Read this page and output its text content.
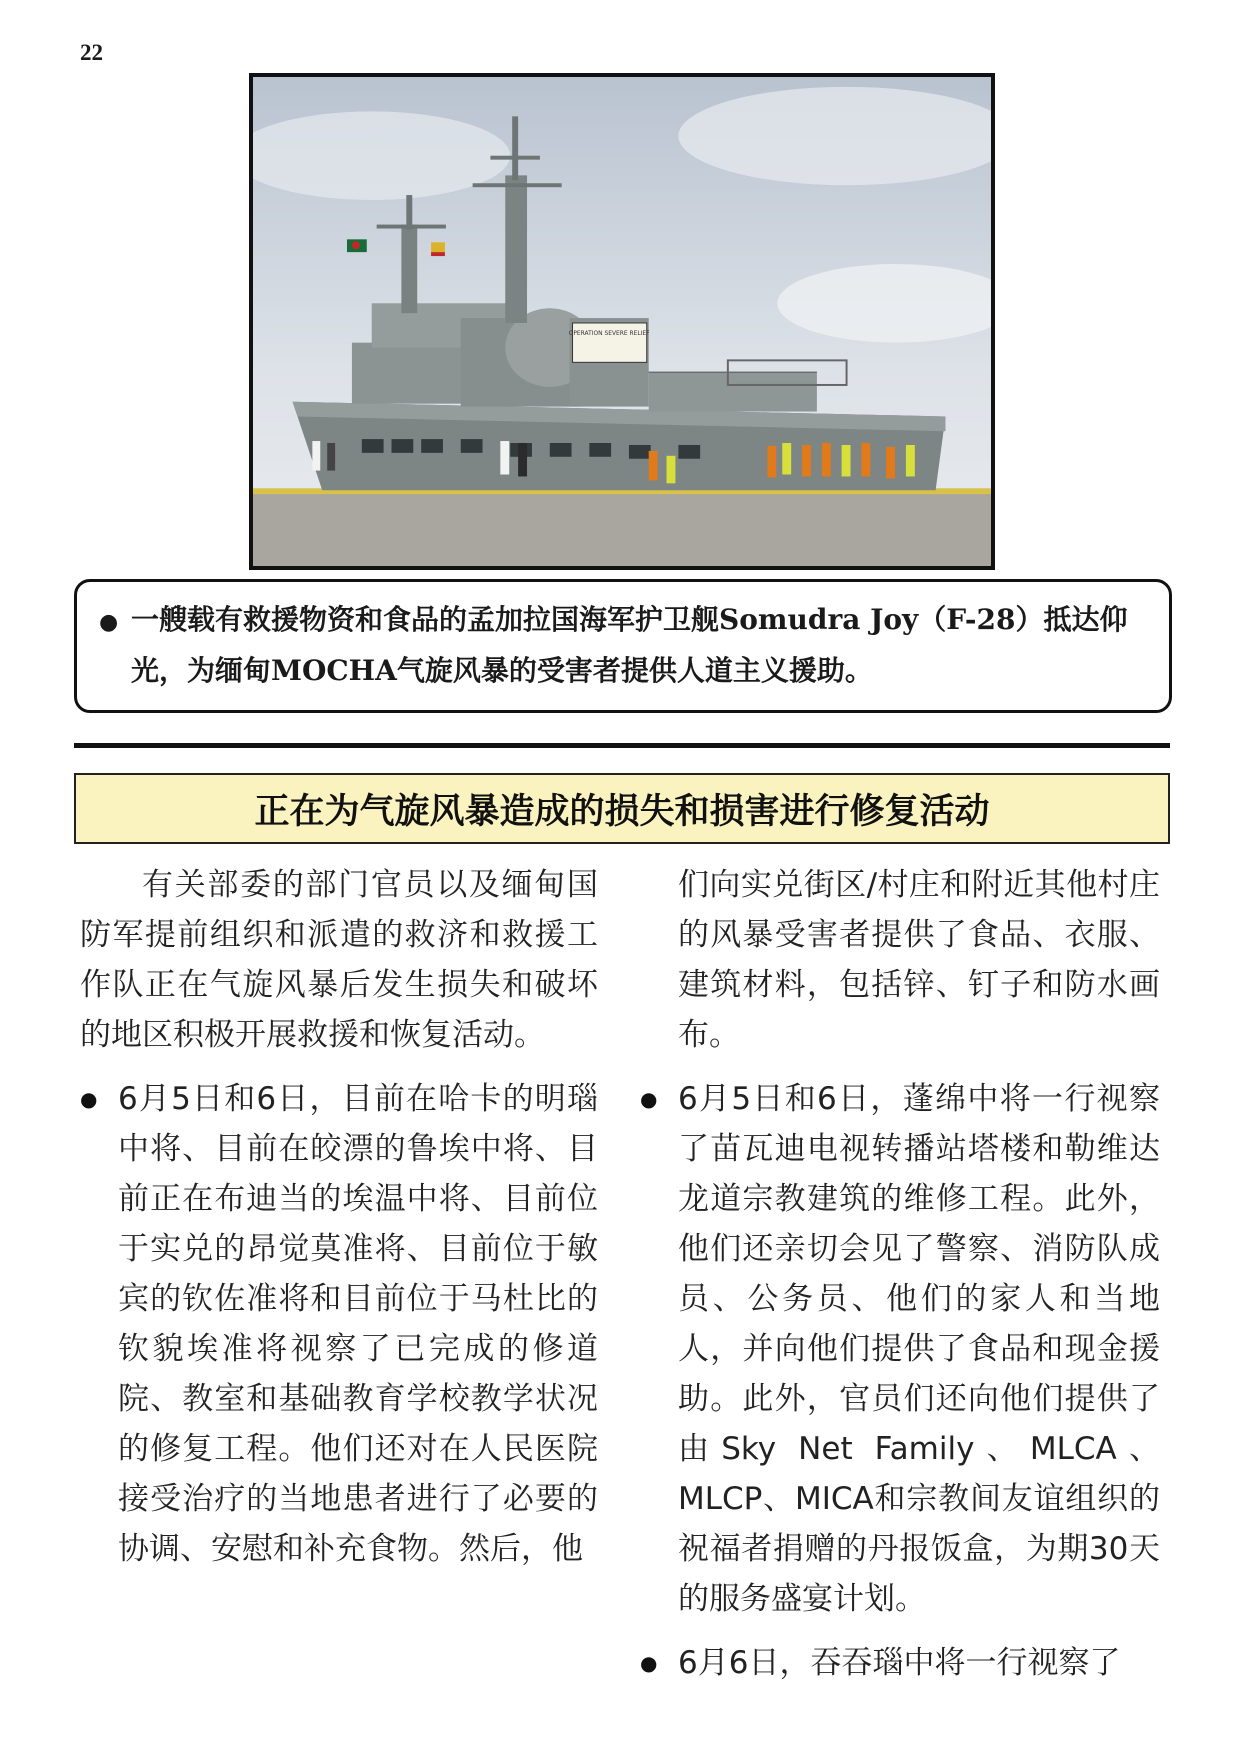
22
OPERATION SEVERE RELIEF
● 一艘载有救援物资和食品的孟加拉国海军护卫舰Somudra Joy（F-28）抵达仰光，为缅甸MOCHA气旋风暴的受害者提供人道主义援助。
正在为气旋风暴造成的损失和损害进行修复活动

有关部委的部门官员以及缅甸国防军提前组织和派遣的救济和救援工作队正在气旋风暴后发生损失和破坏的地区积极开展救援和恢复活动。

● 6月5日和6日，目前在哈卡的明瑙中将、目前在皎漂的鲁埃中将、目前正在布迪当的埃温中将、目前位于实兑的昂觉莫准将、目前位于敏宾的钦佐准将和目前位于马杜比的钦貌埃准将视察了已完成的修道院、教室和基础教育学校教学状况的修复工程。他们还对在人民医院接受治疗的当地患者进行了必要的协调、安慰和补充食物。然后，他

们向实兑街区/村庄和附近其他村庄的风暴受害者提供了食品、衣服、建筑材料，包括锌、钉子和防水画布。

● 6月5日和6日，蓬绵中将一行视察了苗瓦迪电视转播站塔楼和勒维达龙道宗教建筑的维修工程。此外，他们还亲切会见了警察、消防队成员、公务员、他们的家人和当地人，并向他们提供了食品和现金援助。此外，官员们还向他们提供了由Sky Net Family、MLCA、MLCP、MICA和宗教间友谊组织的祝福者捐赠的丹报饭盒，为期30天的服务盛宴计划。
● 6月6日，吞吞瑙中将一行视察了
